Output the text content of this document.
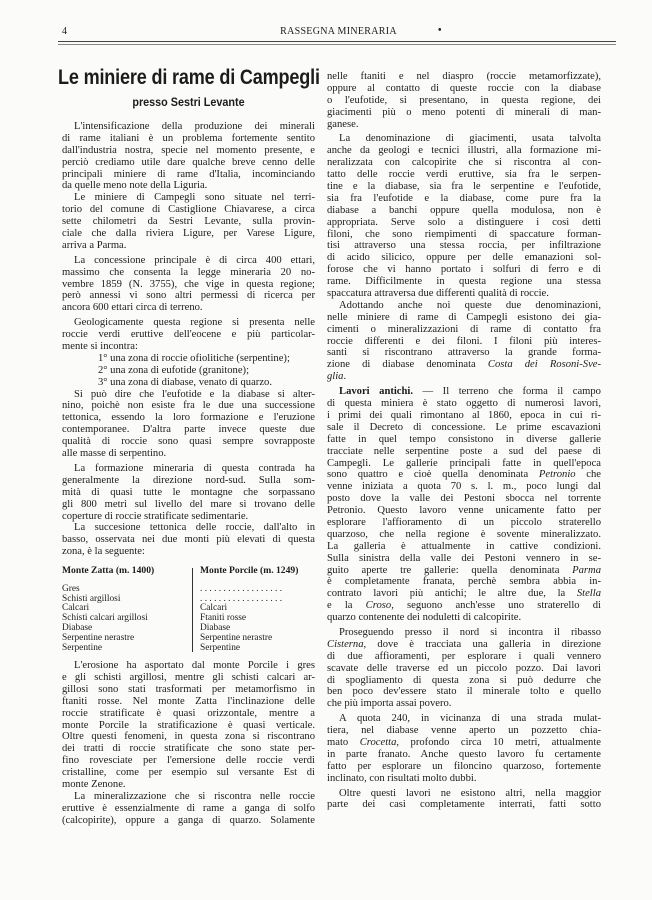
4	RASSEGNA MINERARIA	•
Le miniere di rame di Campegli
presso Sestri Levante
L'intensificazione della produzione dei minerali
di rame italiani è un problema fortemente sentito
dall'industria nostra, specie nel momento presente, e
perciò crediamo utile dare qualche breve cenno delle
principali miniere di rame d'Italia, incominciando
da quelle meno note della Liguria.
Le miniere di Campegli sono situate nel terri-
torio del comune di Castiglione Chiavarese, a circa
sette chilometri da Sestri Levante, sulla provin-
ciale che dalla riviera Ligure, per Varese Ligure,
arriva a Parma.
La concessione principale è di circa 400 ettari,
massimo che consenta la legge mineraria 20 no-
vembre 1859 (N. 3755), che vige in questa regione;
però annessi vi sono altri permessi di ricerca per
ancora 600 ettari circa di terreno.
Geologicamente questa regione si presenta nelle
roccie verdi eruttive dell'eocene e più particolar-
mente si incontra:
1° una zona di roccie ofiolitiche (serpentine);
2° una zona di eufotide (granitone);
3° una zona di diabase, venato di quarzo.
Si può dire che l'eufotide e la diabase si alter-
nino, poichè non esiste fra le due una successione
tettonica, essendo la loro formazione e l'eruzione
contemporanee. D'altra parte invece queste due
qualità di roccie sono quasi sempre sovrapposte
alle masse di serpentino.
La formazione mineraria di questa contrada ha
generalmente la direzione nord-sud. Sulla som-
mità di quasi tutte le montagne che sorpassano
gli 800 metri sul livello del mare si trovano delle
coperture di roccie stratificate sedimentarie.
La succesione tettonica delle roccie, dall'alto in
basso, osservata nei due monti più elevati di questa
zona, è la seguente:
Monte Zatta (m. 1400)
Gres
Schisti argillosi
Calcari
Schisti calcari argillosi
Diabase
Serpentine nerastre
Serpentine
Monte Porcile (m. 1249)
. . . . . . . . . . . . . . . . . .
. . . . . . . . . . . . . . . . . .
Calcari
Ftaniti rosse
Diabase
Serpentine nerastre
Serpentine
L'erosione ha asportato dal monte Porcile i gres
e gli schisti argillosi, mentre gli schisti calcari ar-
gillosi sono stati trasformati per metamorfismo in
ftaniti rosse. Nel monte Zatta l'inclinazione delle
roccie stratificate è quasi orizzontale, mentre a
monte Porcile la stratificazione è quasi verticale.
Oltre questi fenomeni, in questa zona si riscontrano
dei tratti di roccie stratificate che sono state per-
fino rovesciate per l'emersione delle roccie verdi
cristalline, come per esempio sul versante Est di
monte Zenone.
La mineralizzazione che si riscontra nelle roccie
eruttive è essenzialmente di rame a ganga di solfo
(calcopirite), oppure a ganga di quarzo. Solamente
nelle ftaniti e nel diaspro (roccie metamorfizzate),
oppure al contatto di queste roccie con la diabase
o l'eufotide, si presentano, in questa regione, dei
giacimenti più o meno potenti di minerali di man-
ganese.
La denominazione di giacimenti, usata talvolta
anche da geologi e tecnici illustri, alla formazione mi-
neralizzata con calcopirite che si riscontra al con-
tatto delle roccie verdi eruttive, sia fra le serpen-
tine e la diabase, sia fra le serpentine e l'eufotide,
sia fra l'eufotide e la diabase, come pure fra la
diabase a banchi oppure quella modulosa, non è
appropriata. Serve solo a distinguere i così detti
filoni, che sono riempimenti di spaccature forman-
tisi attraverso una stessa roccia, per infiltrazione
di acido silicico, oppure per delle emanazioni sol-
forose che vi hanno portato i solfuri di ferro e di
rame. Difficilmente in questa regione una stessa
spaccatura attraversa due differenti qualità di roccie.
Adottando anche noi queste due denominazioni,
nelle miniere di rame di Campegli esistono dei gia-
cimenti o mineralizzazioni di rame di contatto fra
roccie differenti e dei filoni. I filoni più interes-
santi si riscontrano attraverso la grande forma-
zione di diabase denominata Costa dei Rosoni-Sve-
glia.
Lavori antichi. — Il terreno che forma il campo
di questa miniera è stato oggetto di numerosi lavori,
i primi dei quali rimontano al 1860, epoca in cui ri-
sale il Decreto di concessione. Le prime escavazioni
fatte in quel tempo consistono in diverse gallerie
tracciate nelle serpentine poste a sud del paese di
Campegli. Le gallerie principali fatte in quell'epoca
sono quattro e cioè quella denominata Petronio che
venne iniziata a quota 70 s. l. m., poco lungi dal
posto dove la valle dei Pestoni sbocca nel torrente
Petronio. Questo lavoro venne unicamente fatto per
esplorare l'affioramento di un piccolo straterello
quarzoso, che nella regione è sovente mineralizzato.
La galleria è attualmente in cattive condizioni.
Sulla sinistra della valle dei Pestoni vennero in se-
guito aperte tre gallerie: quella denominata Parma
è completamente franata, perchè sembra abbia in-
contrato lavori più antichi; le altre due, la Stella
e la Croso, seguono anch'esse uno straterello di
quarzo contenente dei noduletti di calcopirite.
Proseguendo presso il nord si incontra il ribasso
Cisterna, dove è tracciata una galleria in direzione
di due affioramenti, per esplorare i quali vennero
scavate delle traverse ed un piccolo pozzo. Dai lavori
di spogliamento di questa zona si può dedurre che
ben poco dev'essere stato il minerale tolto e quello
che più importa assai povero.
A quota 240, in vicinanza di una strada mulat-
tiera, nel diabase venne aperto un pozzetto chia-
mato Crocetta, profondo circa 10 metri, attualmente
in parte franato. Anche questo lavoro fu certamente
fatto per esplorare un filoncino quarzoso, fortemente
inclinato, con risultati molto dubbi.
Oltre questi lavori ne esistono altri, nella maggior
parte dei casi completamente interrati, fatti sotto
